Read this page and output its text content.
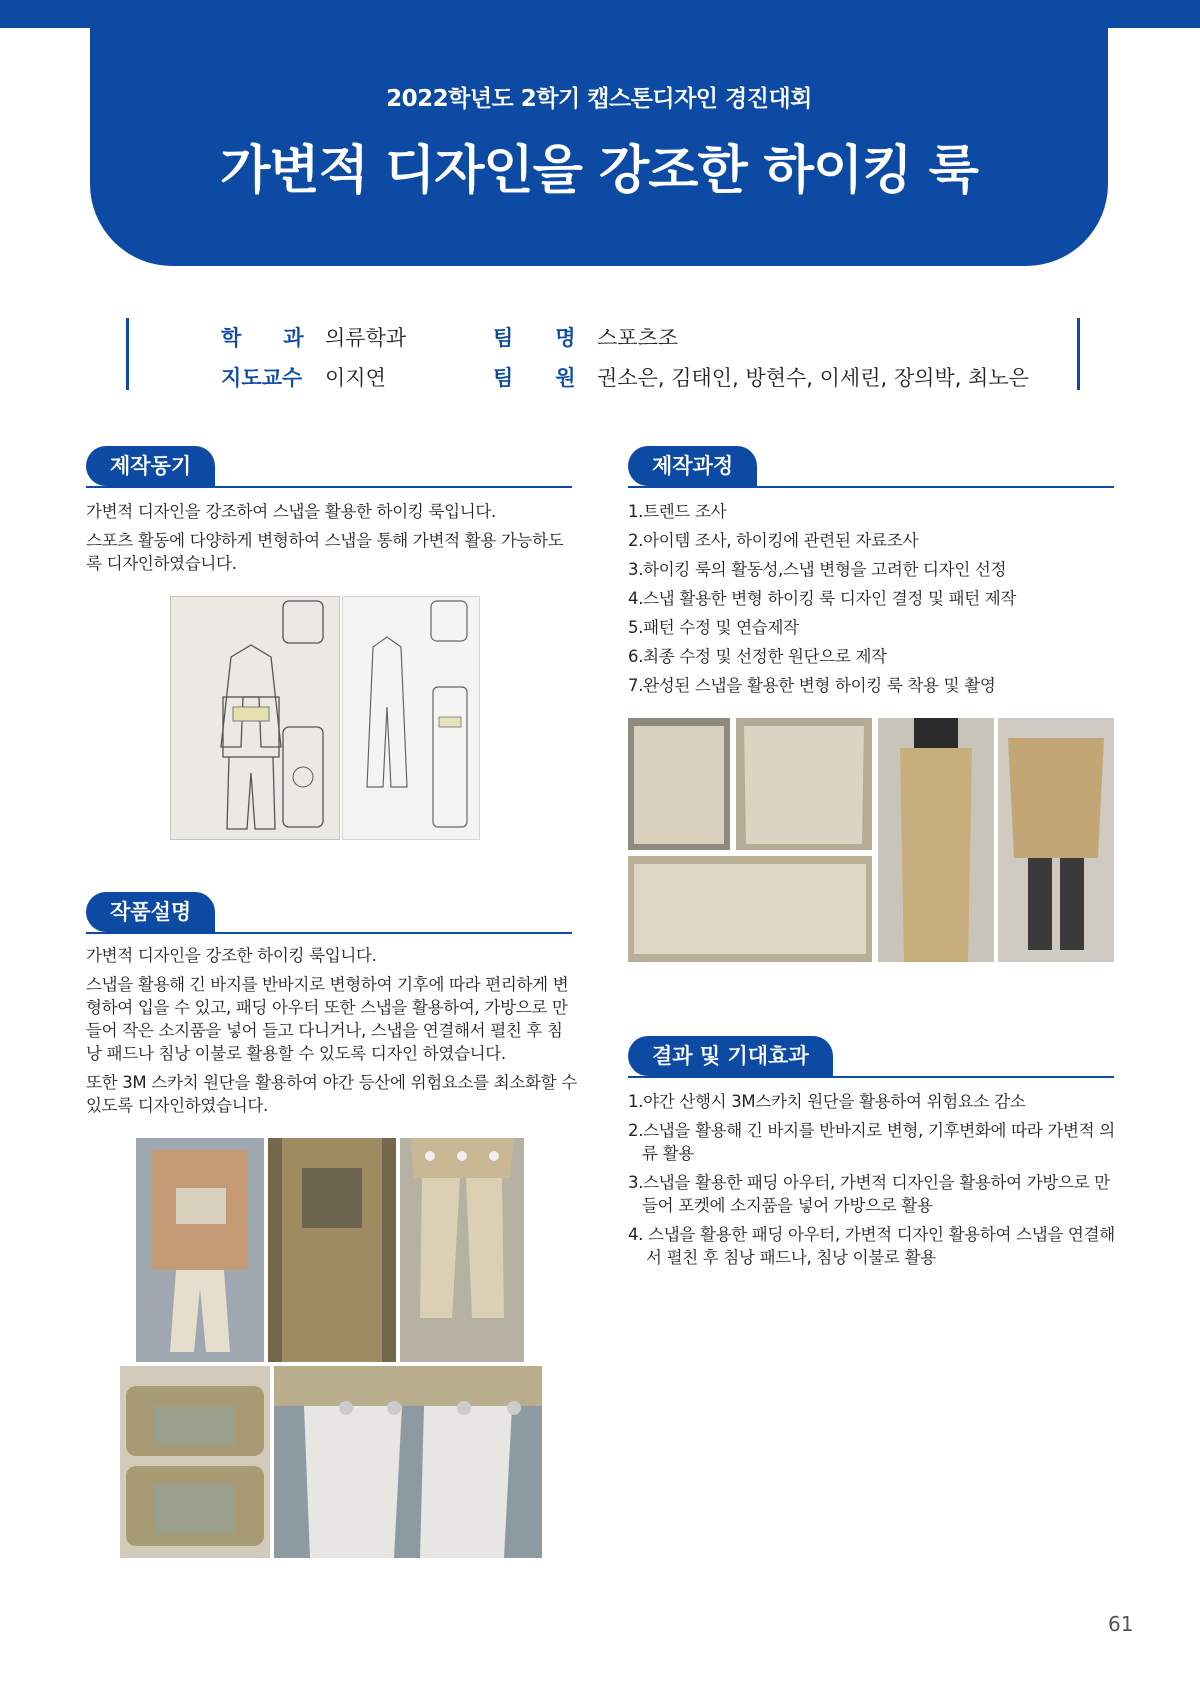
2022학년도 2학기 캡스톤디자인 경진대회
가변적 디자인을 강조한 하이킹 룩
학　　과 의류학과
지도교수 이지연
팀　　명 스포츠조
팀　　원 권소은, 김태인, 방현수, 이세린, 장의박, 최노은
제작동기

가변적 디자인을 강조하여 스냅을 활용한 하이킹 룩입니다.

스포츠 활동에 다양하게 변형하여 스냅을 통해 가변적 활용 가능하도록 디자인하였습니다.

작품설명

가변적 디자인을 강조한 하이킹 룩입니다.

스냅을 활용해 긴 바지를 반바지로 변형하여 기후에 따라 편리하게 변형하여 입을 수 있고, 패딩 아우터 또한 스냅을 활용하여, 가방으로 만들어 작은 소지품을 넣어 들고 다니거나, 스냅을 연결해서 펼친 후 침낭 패드나 침낭 이불로 활용할 수 있도록 디자인 하였습니다.

또한 3M 스카치 원단을 활용하여 야간 등산에 위험요소를 최소화할 수 있도록 디자인하였습니다.

제작과정
1.트렌드 조사
2.아이템 조사, 하이킹에 관련된 자료조사
3.하이킹 룩의 활동성,스냅 변형을 고려한 디자인 선정
4.스냅 활용한 변형 하이킹 룩 디자인 결정 및 패턴 제작
5.패턴 수정 및 연습제작
6.최종 수정 및 선정한 원단으로 제작
7.완성된 스냅을 활용한 변형 하이킹 룩 착용 및 촬영
결과 및 기대효과
1.야간 산행시 3M스카치 원단을 활용하여 위험요소 감소
2.스냅을 활용해 긴 바지를 반바지로 변형, 기후변화에 따라 가변적 의류 활용
3.스냅을 활용한 패딩 아우터, 가변적 디자인을 활용하여 가방으로 만들어 포켓에 소지품을 넣어 가방으로 활용
4. 스냅을 활용한 패딩 아우터, 가변적 디자인 활용하여 스냅을 연결해서 펼친 후 침낭 패드나, 침낭 이불로 활용
61
